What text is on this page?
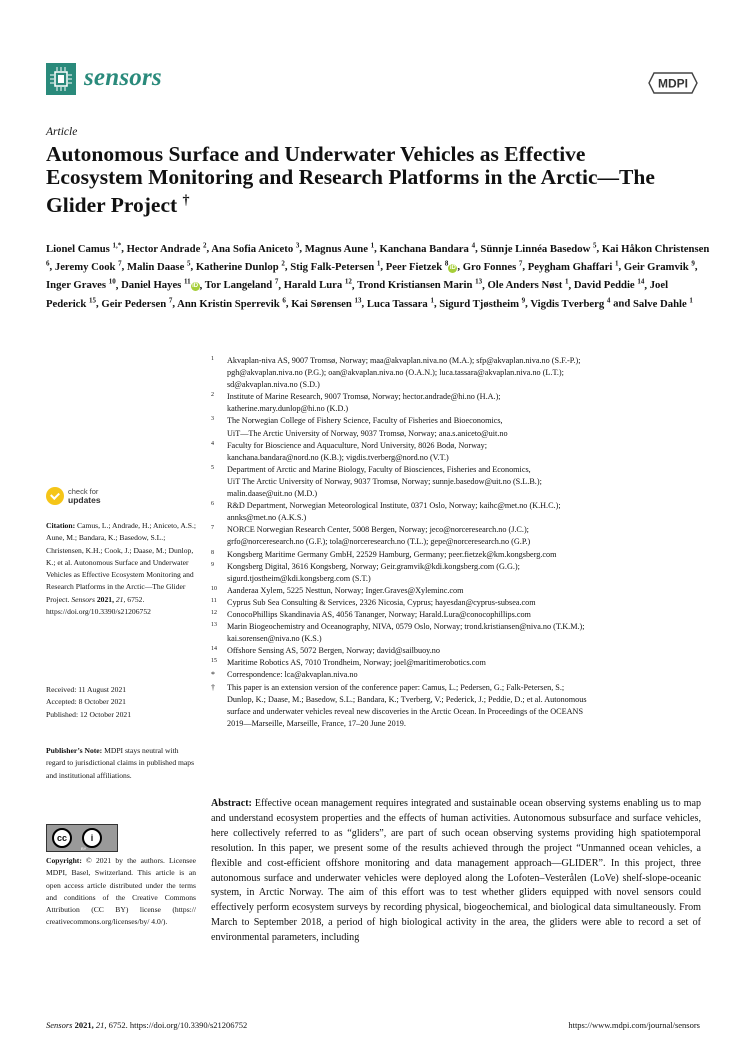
sensors	MDPI
Article
Autonomous Surface and Underwater Vehicles as Effective Ecosystem Monitoring and Research Platforms in the Arctic—The Glider Project †
Lionel Camus $^{1,*}$, Hector Andrade $^2$, Ana Sofia Aniceto $^3$, Magnus Aune $^1$, Kanchana Bandara $^4$, Sünnje Linnéa Basedow $^5$, Kai Håkon Christensen $^6$, Jeremy Cook $^7$, Malin Daase $^5$, Katherine Dunlop $^2$, Stig Falk-Petersen $^1$, Peer Fietzek $^8$iD , Gro Fonnes $^7$, Peygham Ghaffari $^1$, Geir Gramvik $^9$, Inger Graves $^{10}$, Daniel Hayes $^{11}$iD , Tor Langeland $^7$, Harald Lura $^{12}$, Trond Kristiansen Marin $^{13}$, Ole Anders Nøst $^1$, David Peddie $^{14}$, Joel Pederick $^{15}$, Geir Pedersen $^7$, Ann Kristin Sperrevik $^6$, Kai Sørensen $^{13}$, Luca Tassara $^1$, Sigurd Tjøstheim $^9$, Vigdis Tverberg $^4$ and Salve Dahle $^1$
1 Akvaplan-niva AS, 9007 Tromsø, Norway; maa@akvaplan.niva.no (M.A.); sfp@akvaplan.niva.no (S.F.-P.);
pgh@akvaplan.niva.no (P.G.); oan@akvaplan.niva.no (O.A.N.); luca.tassara@akvaplan.niva.no (L.T.);
sd@akvaplan.niva.no (S.D.)
2 Institute of Marine Research, 9007 Tromsø, Norway; hector.andrade@hi.no (H.A.);
katherine.mary.dunlop@hi.no (K.D.)
3 The Norwegian College of Fishery Science, Faculty of Fisheries and Bioeconomics,
UiT—The Arctic University of Norway, 9037 Tromsø, Norway; ana.s.aniceto@uit.no
4 Faculty for Bioscience and Aquaculture, Nord University, 8026 Bodø, Norway;
kanchana.bandara@nord.no (K.B.); vigdis.tverberg@nord.no (V.T.)
5 Department of Arctic and Marine Biology, Faculty of Biosciences, Fisheries and Economics,
UiT The Arctic University of Norway, 9037 Tromsø, Norway; sunnje.basedow@uit.no (S.L.B.);
malin.daase@uit.no (M.D.)
6 R&D Department, Norwegian Meteorological Institute, 0371 Oslo, Norway; kaihc@met.no (K.H.C.);
annks@met.no (A.K.S.)
7 NORCE Norwegian Research Center, 5008 Bergen, Norway; jeco@norceresearch.no (J.C.);
grfo@norceresearch.no (G.F.); tola@norceresearch.no (T.L.); gepe@norceresearch.no (G.P.)
8 Kongsberg Maritime Germany GmbH, 22529 Hamburg, Germany; peer.fietzek@km.kongsberg.com
9 Kongsberg Digital, 3616 Kongsberg, Norway; Geir.gramvik@kdi.kongsberg.com (G.G.);
sigurd.tjostheim@kdi.kongsberg.com (S.T.)
10 Aanderaa Xylem, 5225 Nesttun, Norway; Inger.Graves@Xyleminc.com
11 Cyprus Sub Sea Consulting & Services, 2326 Nicosia, Cyprus; hayesdan@cyprus-subsea.com
12 ConocoPhillips Skandinavia AS, 4056 Tananger, Norway; Harald.Lura@conocophillips.com
13 Marin Biogeochemistry and Oceanography, NIVA, 0579 Oslo, Norway; trond.kristiansen@niva.no (T.K.M.);
kai.sorensen@niva.no (K.S.)
14 Offshore Sensing AS, 5072 Bergen, Norway; david@sailbuoy.no
15 Maritime Robotics AS, 7010 Trondheim, Norway; joel@maritimerobotics.com
* Correspondence: lca@akvaplan.niva.no
† This paper is an extension version of the conference paper: Camus, L.; Pedersen, G.; Falk-Petersen, S.;
Dunlop, K.; Daase, M.; Basedow, S.L.; Bandara, K.; Tverberg, V.; Pederick, J.; Peddie, D.; et al. Autonomous
surface and underwater vehicles reveal new discoveries in the Arctic Ocean. In Proceedings of the OCEANS
2019—Marseille, Marseille, France, 17–20 June 2019.
check for
updates
Citation: Camus, L.; Andrade, H.; Aniceto, A.S.; Aune, M.; Bandara, K.; Basedow, S.L.; Christensen, K.H.; Cook, J.; Daase, M.; Dunlop, K.; et al. Autonomous Surface and Underwater Vehicles as Effective Ecosystem Monitoring and Research Platforms in the Arctic—The Glider Project. Sensors 2021, 21, 6752. https://doi.org/10.3390/s21206752
Received: 11 August 2021
Accepted: 8 October 2021
Published: 12 October 2021
Publisher’s Note: MDPI stays neutral with regard to jurisdictional claims in published maps and institutional affiliations.
cc	i
BY
Copyright: © 2021 by the authors. Licensee MDPI, Basel, Switzerland. This article is an open access article distributed under the terms and conditions of the Creative Commons Attribution (CC BY) license (https:// creativecommons.org/licenses/by/ 4.0/).
Abstract: Effective ocean management requires integrated and sustainable ocean observing systems enabling us to map and understand ecosystem properties and the effects of human activities. Autonomous subsurface and surface vehicles, here collectively referred to as “gliders”, are part of such ocean observing systems providing high spatiotemporal resolution. In this paper, we present some of the results achieved through the project “Unmanned ocean vehicles, a flexible and cost-efficient offshore monitoring and data management approach—GLIDER”. In this project, three autonomous surface and underwater vehicles were deployed along the Lofoten–Vesterålen (LoVe) shelf-slope-oceanic system, in Arctic Norway. The aim of this effort was to test whether gliders equipped with novel sensors could effectively perform ecosystem surveys by recording physical, biogeochemical, and biological data simultaneously. From March to September 2018, a period of high biological activity in the area, the gliders were able to record a set of environmental parameters, including
Sensors 2021, 21, 6752. https://doi.org/10.3390/s21206752	https://www.mdpi.com/journal/sensors
